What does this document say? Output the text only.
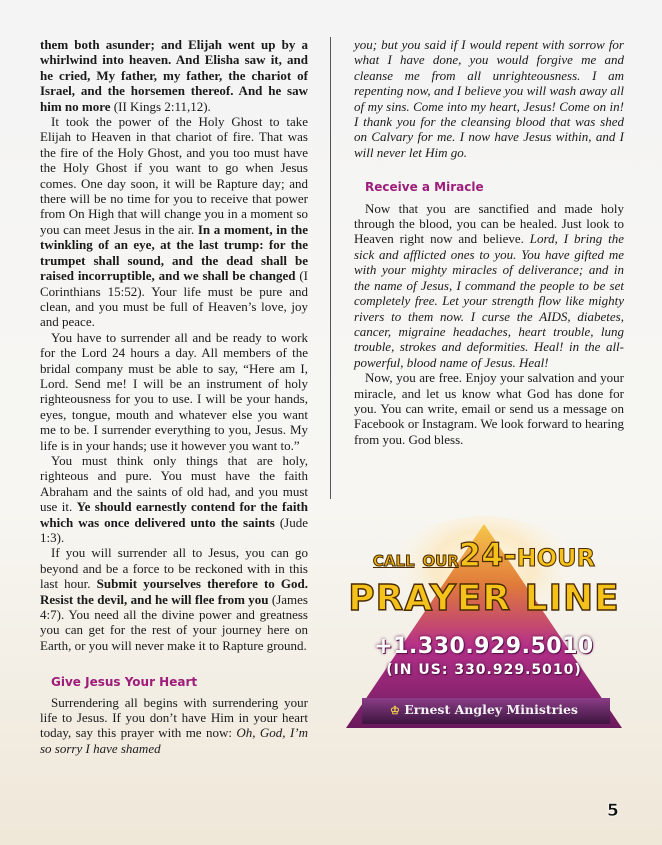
them both asunder; and Elijah went up by a whirlwind into heaven. And Elisha saw it, and he cried, My father, my father, the chariot of Israel, and the horsemen thereof. And he saw him no more (II Kings 2:11,12).

It took the power of the Holy Ghost to take Elijah to Heaven in that chariot of fire. That was the fire of the Holy Ghost, and you too must have the Holy Ghost if you want to go when Jesus comes. One day soon, it will be Rapture day; and there will be no time for you to receive that power from On High that will change you in a moment so you can meet Jesus in the air. In a moment, in the twinkling of an eye, at the last trump: for the trumpet shall sound, and the dead shall be raised incorruptible, and we shall be changed (I Corinthians 15:52). Your life must be pure and clean, and you must be full of Heaven’s love, joy and peace.

You have to surrender all and be ready to work for the Lord 24 hours a day. All members of the bridal company must be able to say, “Here am I, Lord. Send me! I will be an instrument of holy righteousness for you to use. I will be your hands, eyes, tongue, mouth and whatever else you want me to be. I surrender everything to you, Jesus. My life is in your hands; use it however you want to.”

You must think only things that are holy, righteous and pure. You must have the faith Abraham and the saints of old had, and you must use it. Ye should earnestly contend for the faith which was once delivered unto the saints (Jude 1:3).

If you will surrender all to Jesus, you can go beyond and be a force to be reckoned with in this last hour. Submit yourselves therefore to God. Resist the devil, and he will flee from you (James 4:7). You need all the divine power and greatness you can get for the rest of your journey here on Earth, or you will never make it to Rapture ground.

Give Jesus Your Heart

Surrendering all begins with surrendering your life to Jesus. If you don’t have Him in your heart today, say this prayer with me now: Oh, God, I’m so sorry I have shamed

you; but you said if I would repent with sorrow for what I have done, you would forgive me and cleanse me from all unrighteousness. I am repenting now, and I believe you will wash away all of my sins. Come into my heart, Jesus! Come on in! I thank you for the cleansing blood that was shed on Calvary for me. I now have Jesus within, and I will never let Him go.

Receive a Miracle

Now that you are sanctified and made holy through the blood, you can be healed. Just look to Heaven right now and believe. Lord, I bring the sick and afflicted ones to you. You have gifted me with your mighty miracles of deliverance; and in the name of Jesus, I command the people to be set completely free. Let your strength flow like mighty rivers to them now. I curse the AIDS, diabetes, cancer, migraine headaches, heart trouble, lung trouble, strokes and deformities. Heal! in the all-powerful, blood name of Jesus. Heal!

Now, you are free. Enjoy your salvation and your miracle, and let us know what God has done for you. You can write, email or send us a message on Facebook or Instagram. We look forward to hearing from you. God bless.

CALL OUR24-HOUR
PRAYER LINE
+1.330.929.5010
(IN US: 330.929.5010)
♔ Ernest Angley Ministries
5
